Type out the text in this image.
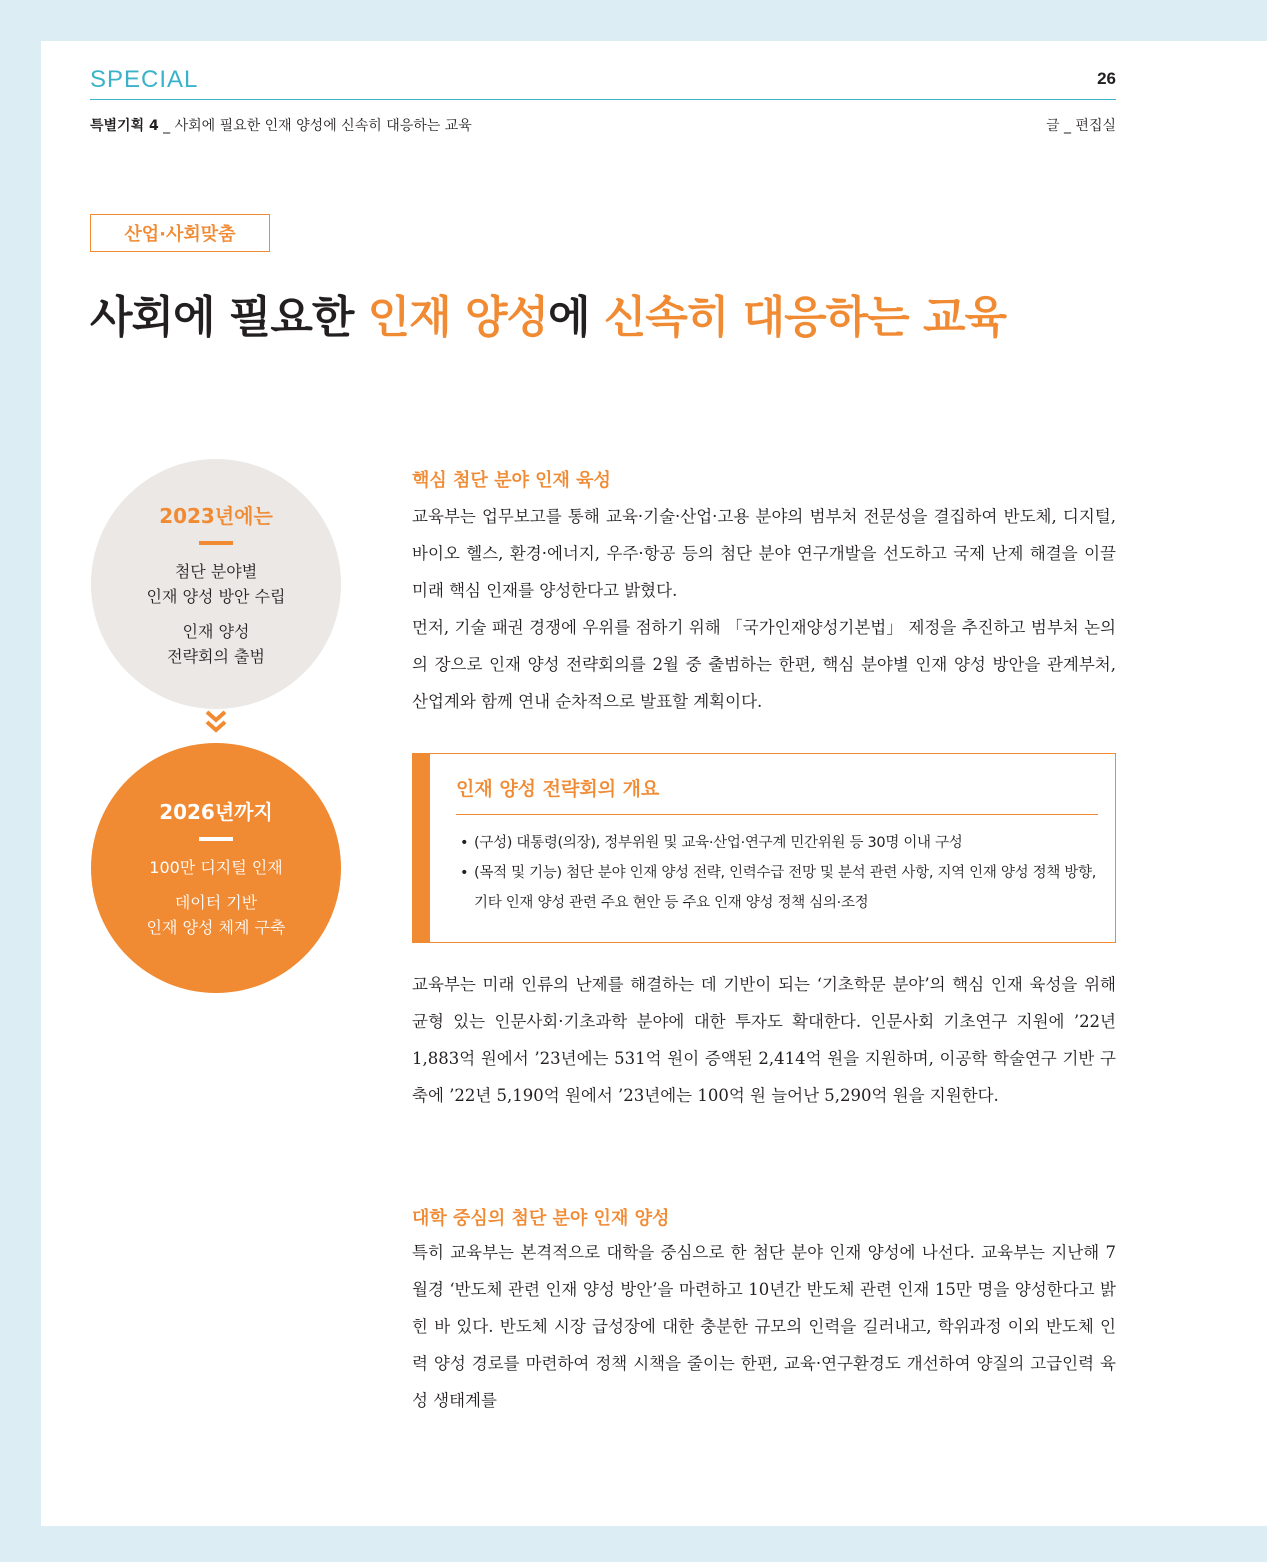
SPECIAL	26
특별기획 4 _ 사회에 필요한 인재 양성에 신속히 대응하는 교육	글 _ 편집실
산업·사회맞춤
사회에 필요한 인재 양성에 신속히 대응하는 교육
2023년에는
첨단 분야별
인재 양성 방안 수립
인재 양성
전략회의 출범
2026년까지
100만 디지털 인재
데이터 기반
인재 양성 체계 구축
핵심 첨단 분야 인재 육성

교육부는 업무보고를 통해 교육·기술·산업·고용 분야의 범부처 전문성을 결집하여 반도체, 디지털, 바이오 헬스, 환경·에너지, 우주·항공 등의 첨단 분야 연구개발을 선도하고 국제 난제 해결을 이끌 미래 핵심 인재를 양성한다고 밝혔다.

먼저, 기술 패권 경쟁에 우위를 점하기 위해 「국가인재양성기본법」 제정을 추진하고 범부처 논의의 장으로 인재 양성 전략회의를 2월 중 출범하는 한편, 핵심 분야별 인재 양성 방안을 관계부처, 산업계와 함께 연내 순차적으로 발표할 계획이다.

인재 양성 전략회의 개요
• (구성) 대통령(의장), 정부위원 및 교육·산업·연구계 민간위원 등 30명 이내 구성
• (목적 및 기능) 첨단 분야 인재 양성 전략, 인력수급 전망 및 분석 관련 사항, 지역 인재 양성 정책 방향, 기타 인재 양성 관련 주요 현안 등 주요 인재 양성 정책 심의·조정

교육부는 미래 인류의 난제를 해결하는 데 기반이 되는 ‘기초학문 분야’의 핵심 인재 육성을 위해 균형 있는 인문사회·기초과학 분야에 대한 투자도 확대한다. 인문사회 기초연구 지원에 ’22년 1,883억 원에서 ’23년에는 531억 원이 증액된 2,414억 원을 지원하며, 이공학 학술연구 기반 구축에 ’22년 5,190억 원에서 ’23년에는 100억 원 늘어난 5,290억 원을 지원한다.

대학 중심의 첨단 분야 인재 양성

특히 교육부는 본격적으로 대학을 중심으로 한 첨단 분야 인재 양성에 나선다. 교육부는 지난해 7월경 ‘반도체 관련 인재 양성 방안’을 마련하고 10년간 반도체 관련 인재 15만 명을 양성한다고 밝힌 바 있다. 반도체 시장 급성장에 대한 충분한 규모의 인력을 길러내고, 학위과정 이외 반도체 인력 양성 경로를 마련하여 정책 시책을 줄이는 한편, 교육·연구환경도 개선하여 양질의 고급인력 육성 생태계를
